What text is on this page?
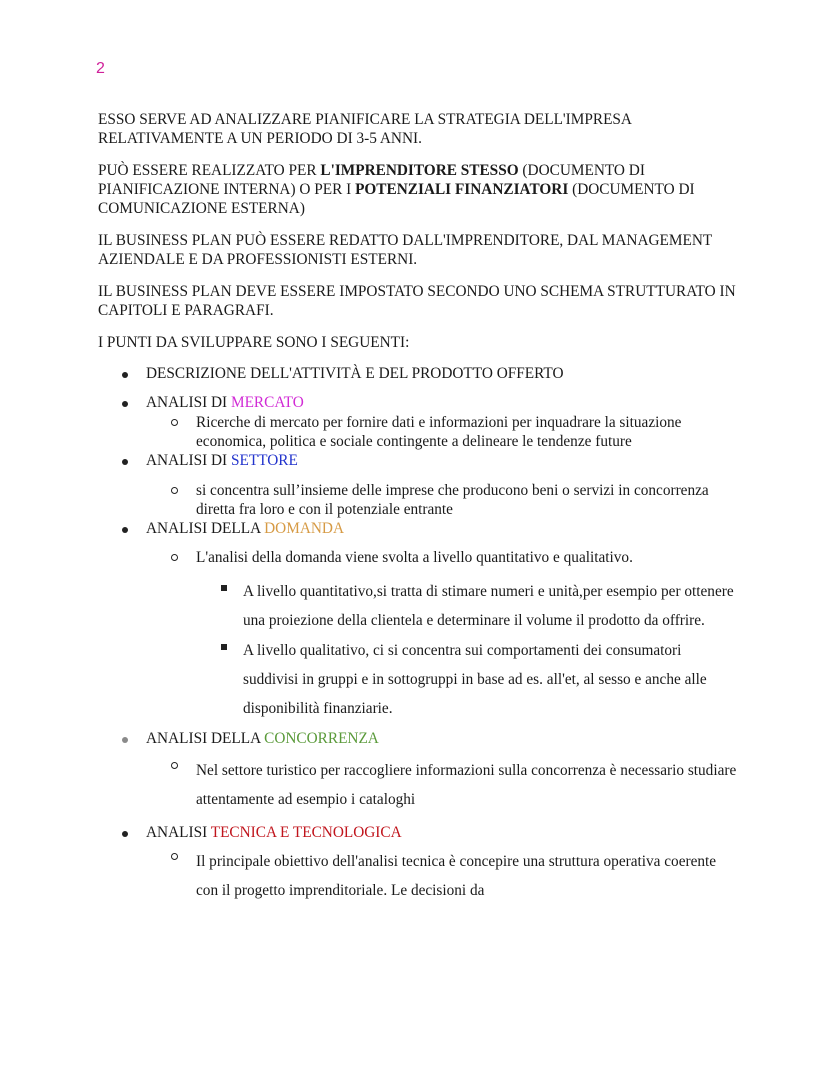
2

ESSO SERVE AD ANALIZZARE PIANIFICARE LA STRATEGIA DELL'IMPRESA RELATIVAMENTE A UN PERIODO DI 3-5 ANNI.

PUÒ ESSERE REALIZZATO PER L'IMPRENDITORE STESSO (DOCUMENTO DI PIANIFICAZIONE INTERNA) O PER I POTENZIALI FINANZIATORI (DOCUMENTO DI COMUNICAZIONE ESTERNA)

IL BUSINESS PLAN PUÒ ESSERE REDATTO DALL'IMPRENDITORE, DAL MANAGEMENT AZIENDALE E DA PROFESSIONISTI ESTERNI.

IL BUSINESS PLAN DEVE ESSERE IMPOSTATO SECONDO UNO SCHEMA STRUTTURATO IN CAPITOLI E PARAGRAFI.

I PUNTI DA SVILUPPARE SONO I SEGUENTI:

DESCRIZIONE DELL'ATTIVITÀ E DEL PRODOTTO OFFERTO
ANALISI DI MERCATO
Ricerche di mercato per fornire dati e informazioni per inquadrare la situazione economica, politica e sociale contingente a delineare le tendenze future
ANALISI DI SETTORE
si concentra sull’insieme delle imprese che producono beni o servizi in concorrenza diretta fra loro e con il potenziale entrante
ANALISI DELLA DOMANDA
L'analisi della domanda viene svolta a livello quantitativo e qualitativo.
A livello quantitativo,si tratta di stimare numeri e unità,per esempio per ottenere una proiezione della clientela e determinare il volume il prodotto da offrire.
A livello qualitativo, ci si concentra sui comportamenti dei consumatori suddivisi in gruppi e in sottogruppi in base ad es. all'et, al sesso e anche alle disponibilità finanziarie.
ANALISI DELLA CONCORRENZA
Nel settore turistico per raccogliere informazioni sulla concorrenza è necessario studiare attentamente ad esempio i cataloghi
ANALISI TECNICA E TECNOLOGICA
Il principale obiettivo dell'analisi tecnica è concepire una struttura operativa coerente con il progetto imprenditoriale. Le decisioni da
